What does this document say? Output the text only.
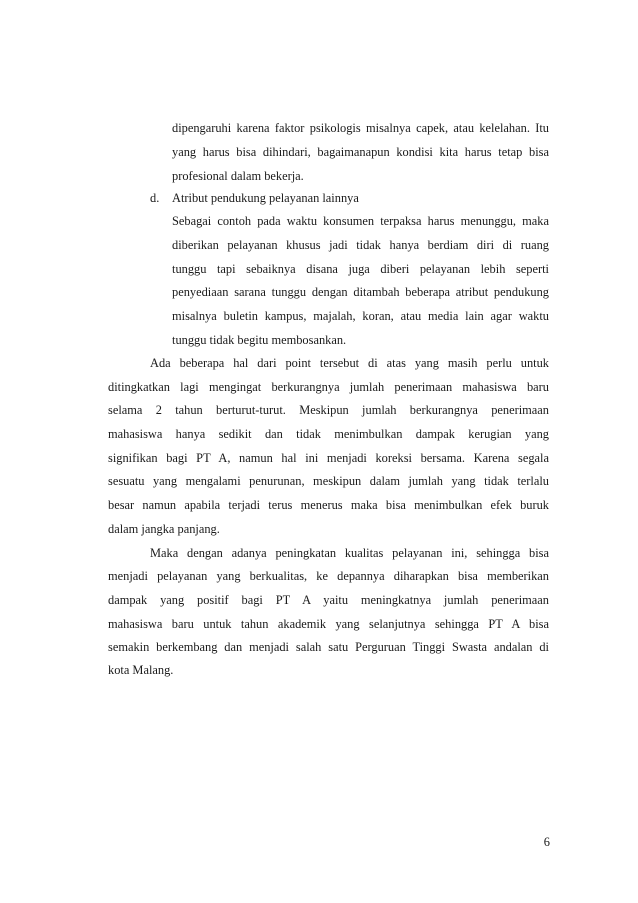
dipengaruhi karena faktor psikologis misalnya capek, atau kelelahan. Itu
yang harus bisa dihindari, bagaimanapun kondisi kita harus tetap bisa
profesional dalam bekerja.
d. Atribut pendukung pelayanan lainnya
Sebagai contoh pada waktu konsumen terpaksa harus menunggu, maka
diberikan pelayanan khusus jadi tidak hanya berdiam diri di ruang
tunggu tapi sebaiknya disana juga diberi pelayanan lebih seperti
penyediaan sarana tunggu dengan ditambah beberapa atribut pendukung
misalnya buletin kampus, majalah, koran, atau media lain agar waktu
tunggu tidak begitu membosankan.
Ada beberapa hal dari point tersebut di atas yang masih perlu untuk
ditingkatkan lagi mengingat berkurangnya jumlah penerimaan mahasiswa baru
selama 2 tahun berturut-turut. Meskipun jumlah berkurangnya penerimaan
mahasiswa hanya sedikit dan tidak menimbulkan dampak kerugian yang
signifikan bagi PT A, namun hal ini menjadi koreksi bersama. Karena segala
sesuatu yang mengalami penurunan, meskipun dalam jumlah yang tidak terlalu
besar namun apabila terjadi terus menerus maka bisa menimbulkan efek buruk
dalam jangka panjang.
Maka dengan adanya peningkatan kualitas pelayanan ini, sehingga bisa
menjadi pelayanan yang berkualitas, ke depannya diharapkan bisa memberikan
dampak yang positif bagi PT A yaitu meningkatnya jumlah penerimaan
mahasiswa baru untuk tahun akademik yang selanjutnya sehingga PT A bisa
semakin berkembang dan menjadi salah satu Perguruan Tinggi Swasta andalan di
kota Malang.
6
